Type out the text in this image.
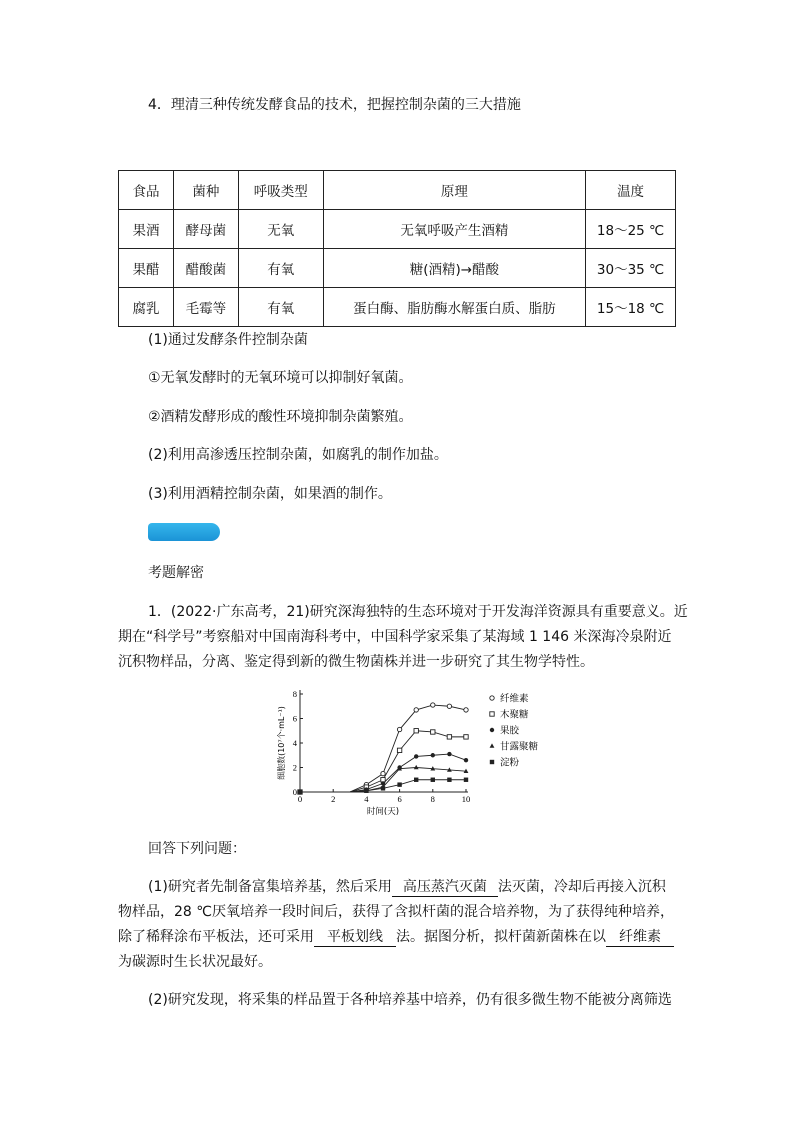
4．理清三种传统发酵食品的技术，把握控制杂菌的三大措施

食品	菌种	呼吸类型	原理	温度
果酒	酵母菌	无氧	无氧呼吸产生酒精	18～25 ℃
果醋	醋酸菌	有氧	糖(酒精)→醋酸	30～35 ℃
腐乳	毛霉等	有氧	蛋白酶、脂肪酶水解蛋白质、脂肪	15～18 ℃

(1)通过发酵条件控制杂菌

①无氧发酵时的无氧环境可以抑制好氧菌。

②酒精发酵形成的酸性环境抑制杂菌繁殖。

(2)利用高渗透压控制杂菌，如腐乳的制作加盐。

(3)利用酒精控制杂菌，如果酒的制作。

考题解密

1．(2022·广东高考，21)研究深海独特的生态环境对于开发海洋资源具有重要意义。近

期在“科学号”考察船对中国南海科考中，中国科学家采集了某海域 1 146 米深海冷泉附近

沉积物样品，分离、鉴定得到新的微生物菌株并进一步研究了其生物学特性。

0	2	4	6	8	10
0
2
4
6
8
时间(天)
细胞数(10⁷个·mL⁻¹)
纤维素
木聚糖
果胶
甘露聚糖
淀粉

回答下列问题：

(1)研究者先制备富集培养基，然后采用 高压蒸汽灭菌 法灭菌，冷却后再接入沉积

物样品，28 ℃厌氧培养一段时间后，获得了含拟杆菌的混合培养物，为了获得纯种培养，

除了稀释涂布平板法，还可采用 平板划线 法。据图分析，拟杆菌新菌株在以 纤维素

为碳源时生长状况最好。

(2)研究发现，将采集的样品置于各种培养基中培养，仍有很多微生物不能被分离筛选
